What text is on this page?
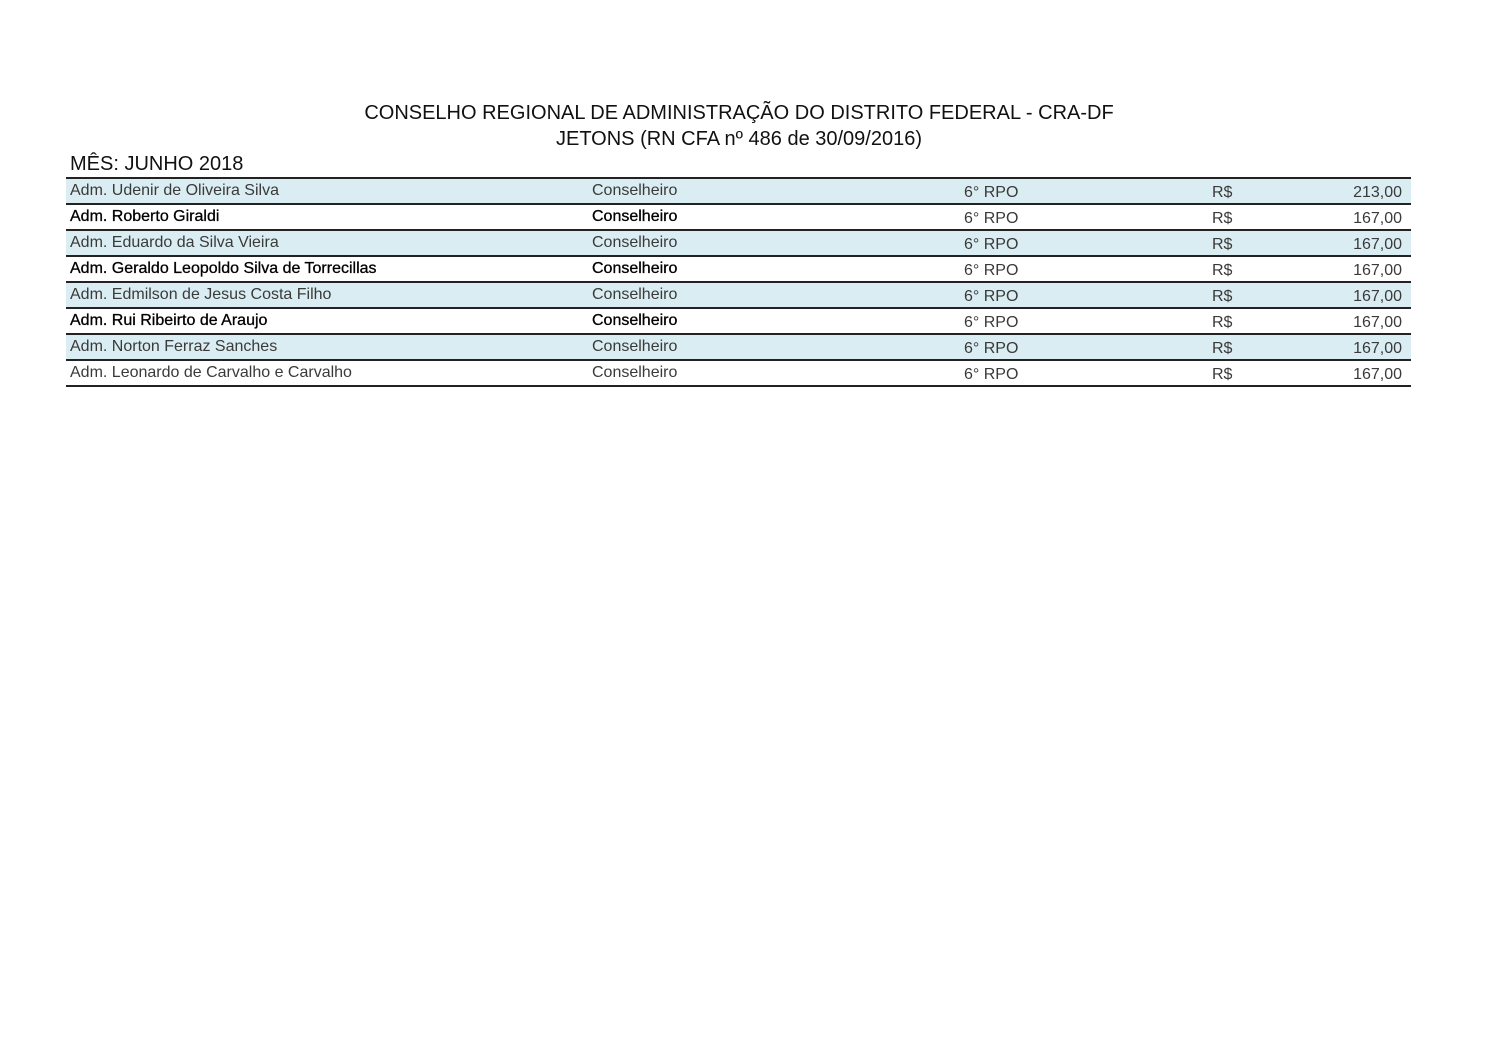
CONSELHO REGIONAL DE ADMINISTRAÇÃO DO DISTRITO FEDERAL - CRA-DF
JETONS (RN CFA nº 486 de 30/09/2016)
MÊS: JUNHO 2018
Adm. Udenir de Oliveira Silva	Conselheiro	6° RPO	R$	213,00
Adm. Roberto Giraldi	Conselheiro	6° RPO	R$	167,00
Adm. Eduardo da Silva Vieira	Conselheiro	6° RPO	R$	167,00
Adm. Geraldo Leopoldo Silva de Torrecillas	Conselheiro	6° RPO	R$	167,00
Adm. Edmilson de Jesus Costa Filho	Conselheiro	6° RPO	R$	167,00
Adm. Rui Ribeirto de Araujo	Conselheiro	6° RPO	R$	167,00
Adm. Norton Ferraz Sanches	Conselheiro	6° RPO	R$	167,00
Adm. Leonardo de Carvalho e Carvalho	Conselheiro	6° RPO	R$	167,00
